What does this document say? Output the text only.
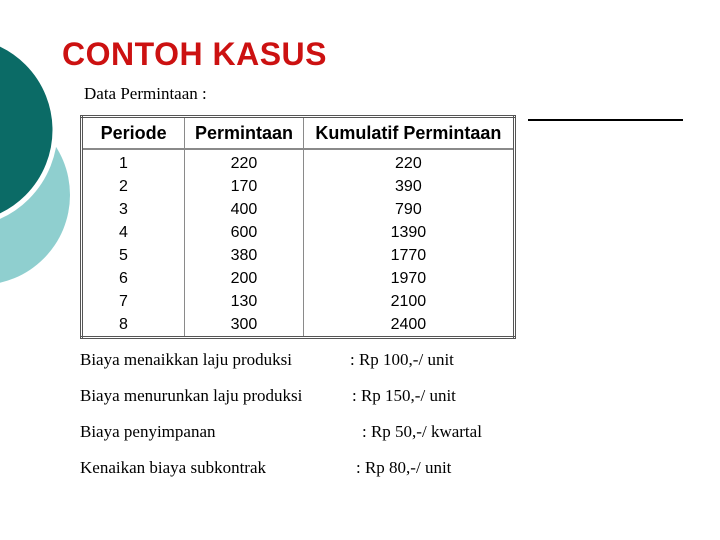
CONTOH KASUS
Data Permintaan :
Periode	Permintaan	Kumulatif Permintaan
1	220	220
2	170	390
3	400	790
4	600	1390
5	380	1770
6	200	1970
7	130	2100
8	300	2400
Biaya menaikkan laju produksi	: Rp 100,-/ unit
Biaya menurunkan laju produksi	: Rp 150,-/ unit
Biaya penyimpanan	: Rp 50,-/ kwartal
Kenaikan biaya subkontrak	: Rp 80,-/ unit
